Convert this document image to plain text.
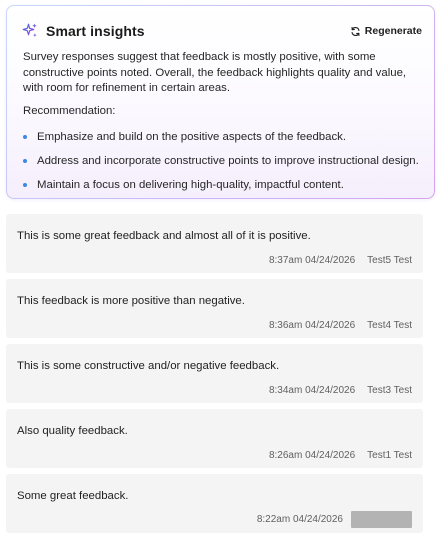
Smart insights	Regenerate

Survey responses suggest that feedback is mostly positive, with some constructive points noted. Overall, the feedback highlights quality and value, with room for refinement in certain areas.

Recommendation:
Emphasize and build on the positive aspects of the feedback.
Address and incorporate constructive points to improve instructional design.
Maintain a focus on delivering high-quality, impactful content.
This is some great feedback and almost all of it is positive.
8:37am 04/24/2026 Test5 Test
This feedback is more positive than negative.
8:36am 04/24/2026 Test4 Test
This is some constructive and/or negative feedback.
8:34am 04/24/2026 Test3 Test
Also quality feedback.
8:26am 04/24/2026 Test1 Test
Some great feedback.
8:22am 04/24/2026
